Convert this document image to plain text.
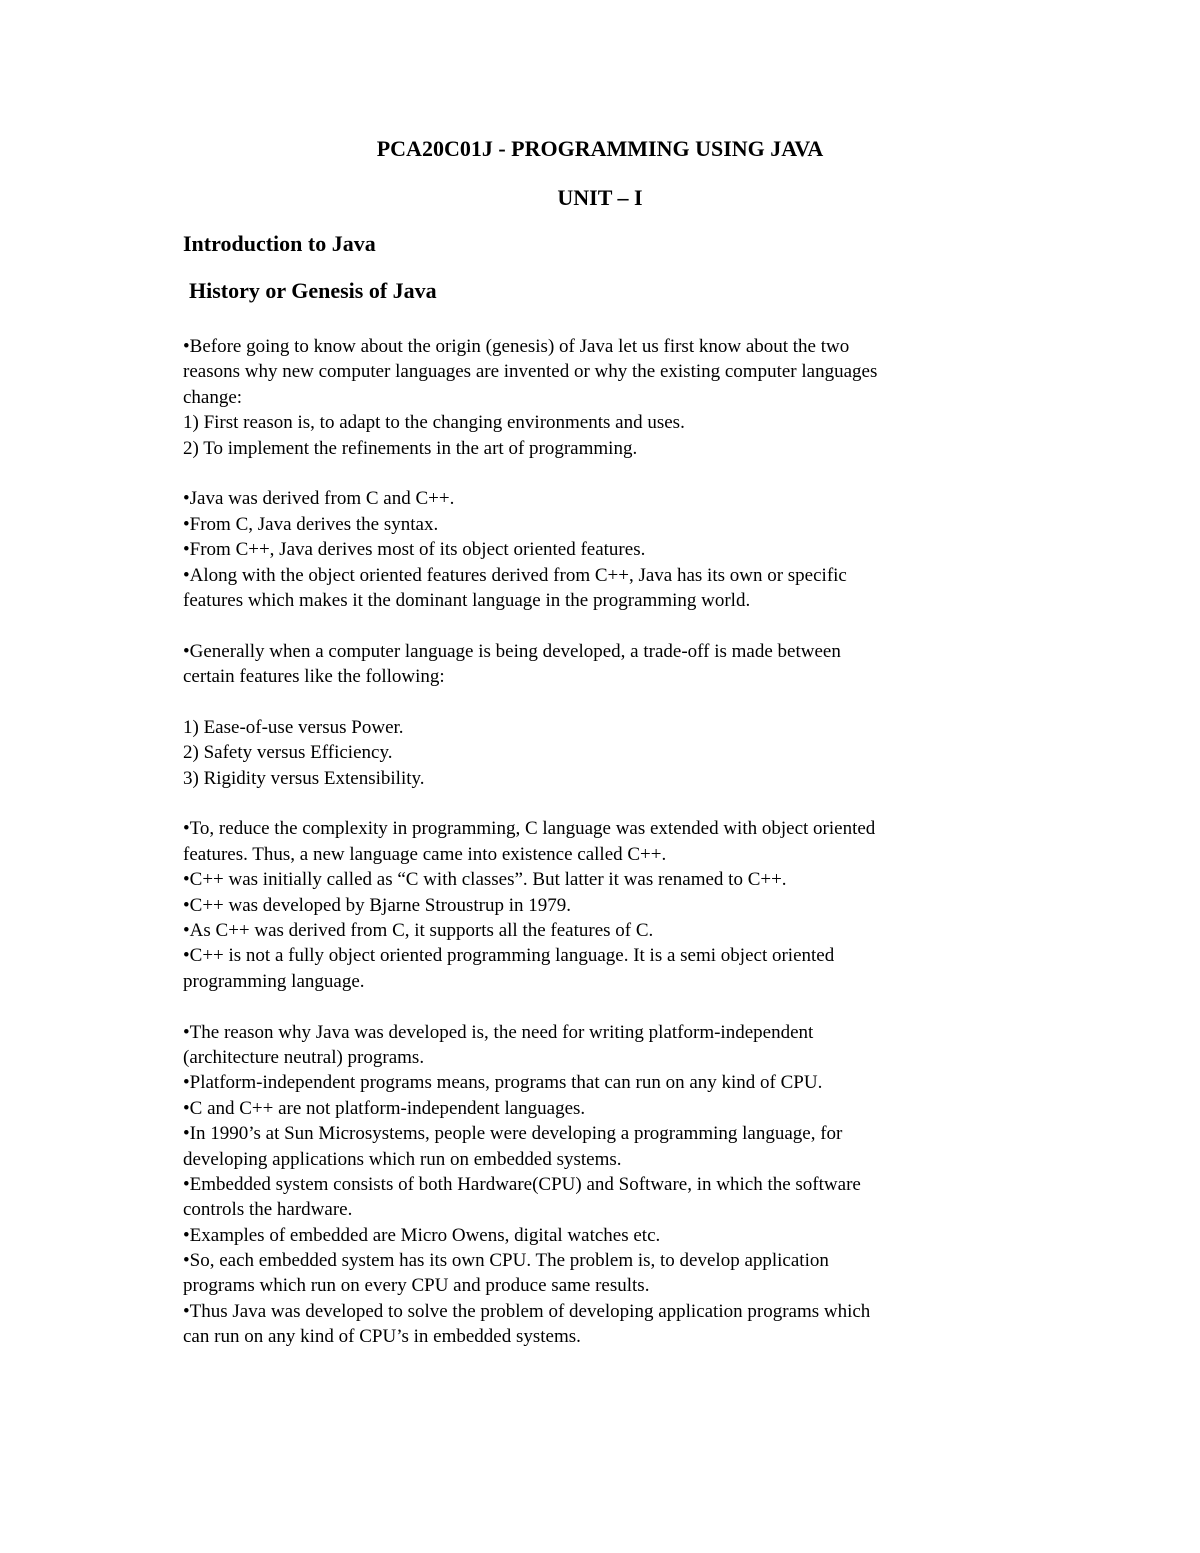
PCA20C01J - PROGRAMMING USING JAVA
UNIT – I
Introduction to Java
History or Genesis of Java
•Before going to know about the origin (genesis) of Java let us first know about the two
reasons why new computer languages are invented or why the existing computer languages
change:
1) First reason is, to adapt to the changing environments and uses.
2) To implement the refinements in the art of programming.
•Java was derived from C and C++.
•From C, Java derives the syntax.
•From C++, Java derives most of its object oriented features.
•Along with the object oriented features derived from C++, Java has its own or specific
features which makes it the dominant language in the programming world.
•Generally when a computer language is being developed, a trade-off is made between
certain features like the following:
1) Ease-of-use versus Power.
2) Safety versus Efficiency.
3) Rigidity versus Extensibility.
•To, reduce the complexity in programming, C language was extended with object oriented
features. Thus, a new language came into existence called C++.
•C++ was initially called as “C with classes”. But latter it was renamed to C++.
•C++ was developed by Bjarne Stroustrup in 1979.
•As C++ was derived from C, it supports all the features of C.
•C++ is not a fully object oriented programming language. It is a semi object oriented
programming language.
•The reason why Java was developed is, the need for writing platform-independent
(architecture neutral) programs.
•Platform-independent programs means, programs that can run on any kind of CPU.
•C and C++ are not platform-independent languages.
•In 1990’s at Sun Microsystems, people were developing a programming language, for
developing applications which run on embedded systems.
•Embedded system consists of both Hardware(CPU) and Software, in which the software
controls the hardware.
•Examples of embedded are Micro Owens, digital watches etc.
•So, each embedded system has its own CPU. The problem is, to develop application
programs which run on every CPU and produce same results.
•Thus Java was developed to solve the problem of developing application programs which
can run on any kind of CPU’s in embedded systems.
